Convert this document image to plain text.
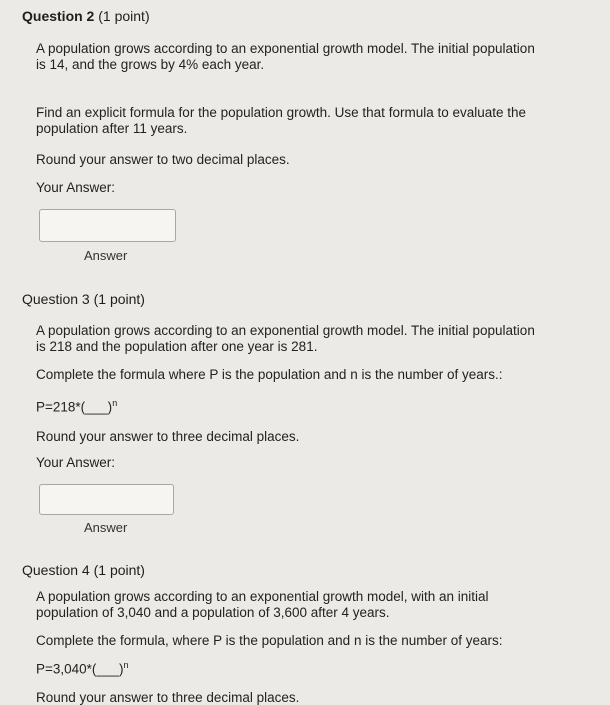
Question 2 (1 point)
A population grows according to an exponential growth model. The initial population
is 14, and the grows by 4% each year.
Find an explicit formula for the population growth. Use that formula to evaluate the
population after 11 years.
Round your answer to two decimal places.
Your Answer:
Answer
Question 3 (1 point)
A population grows according to an exponential growth model. The initial population
is 218 and the population after one year is 281.
Complete the formula where P is the population and n is the number of years.:
P=218*(___)$^n$
Round your answer to three decimal places.
Your Answer:
Answer
Question 4 (1 point)
A population grows according to an exponential growth model, with an initial
population of 3,040 and a population of 3,600 after 4 years.
Complete the formula, where P is the population and n is the number of years:
P=3,040*(___)$^n$
Round your answer to three decimal places.
